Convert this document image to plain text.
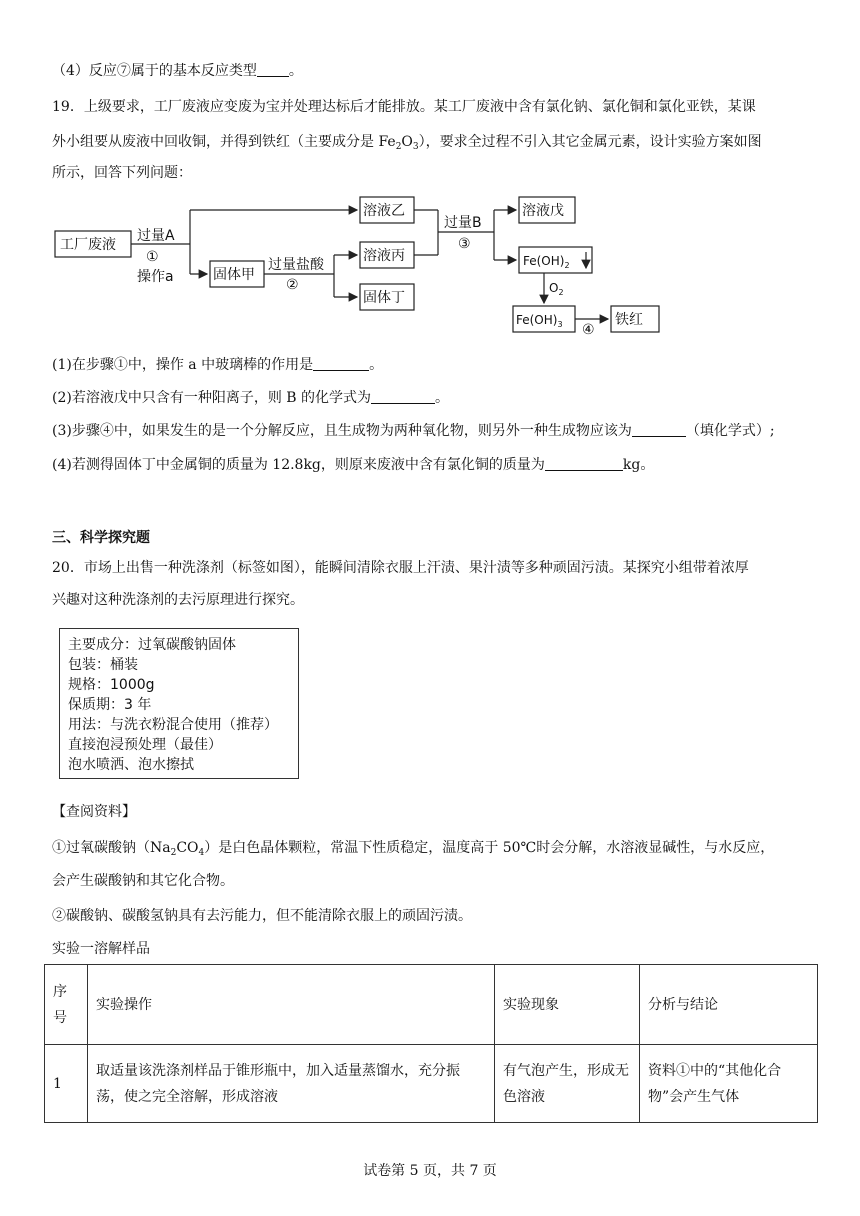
（4）反应⑦属于的基本反应类型 。
19．上级要求，工厂废液应变废为宝并处理达标后才能排放。某工厂废液中含有氯化钠、氯化铜和氯化亚铁，某课
外小组要从废液中回收铜，并得到铁红（主要成分是 $Fe_2O_3$），要求全过程不引入其它金属元素，设计实验方案如图
所示，回答下列问题：
工厂废液
过量A
①
操作a	固体甲
过量盐酸
②
溶液乙
溶液丙
固体丁
过量B
③
溶液戊
④
铁红
$Fe(OH)_2$
$O_2$
$Fe(OH)_3$
(1)在步骤①中，操作 a 中玻璃棒的作用是	。
(2)若溶液戊中只含有一种阳离子，则 B 的化学式为	。
(3)步骤④中，如果发生的是一个分解反应，且生成物为两种氧化物，则另外一种生成物应该为	（填化学式）;
(4)若测得固体丁中金属铜的质量为 12.8kg，则原来废液中含有氯化铜的质量为	kg。
三、科学探究题
20．市场上出售一种洗涤剂（标签如图），能瞬间清除衣服上汗渍、果汁渍等多种顽固污渍。某探究小组带着浓厚
兴趣对这种洗涤剂的去污原理进行探究。
主要成分：过氧碳酸钠固体
包装：桶装
规格：1000g
保质期：3 年
用法：与洗衣粉混合使用（推荐）
直接泡浸预处理（最佳）
泡水喷洒、泡水擦拭
【查阅资料】
①过氧碳酸钠$(Na_2CO_4)$是白色晶体颗粒，常温下性质稳定，温度高于 50℃时会分解，水溶液显碱性，与水反应，
会产生碳酸钠和其它化合物。
②碳酸钠、碳酸氢钠具有去污能力，但不能清除衣服上的顽固污渍。
实验一溶解样品
序号	实验操作	实验现象	分析与结论
1	取适量该洗涤剂样品于锥形瓶中，加入适量蒸馏水，充分振荡，使之完全溶解，形成溶液	有气泡产生，形成无色溶液	资料①中的“其他化合物”会产生气体
试卷第 5 页，共 7 页
